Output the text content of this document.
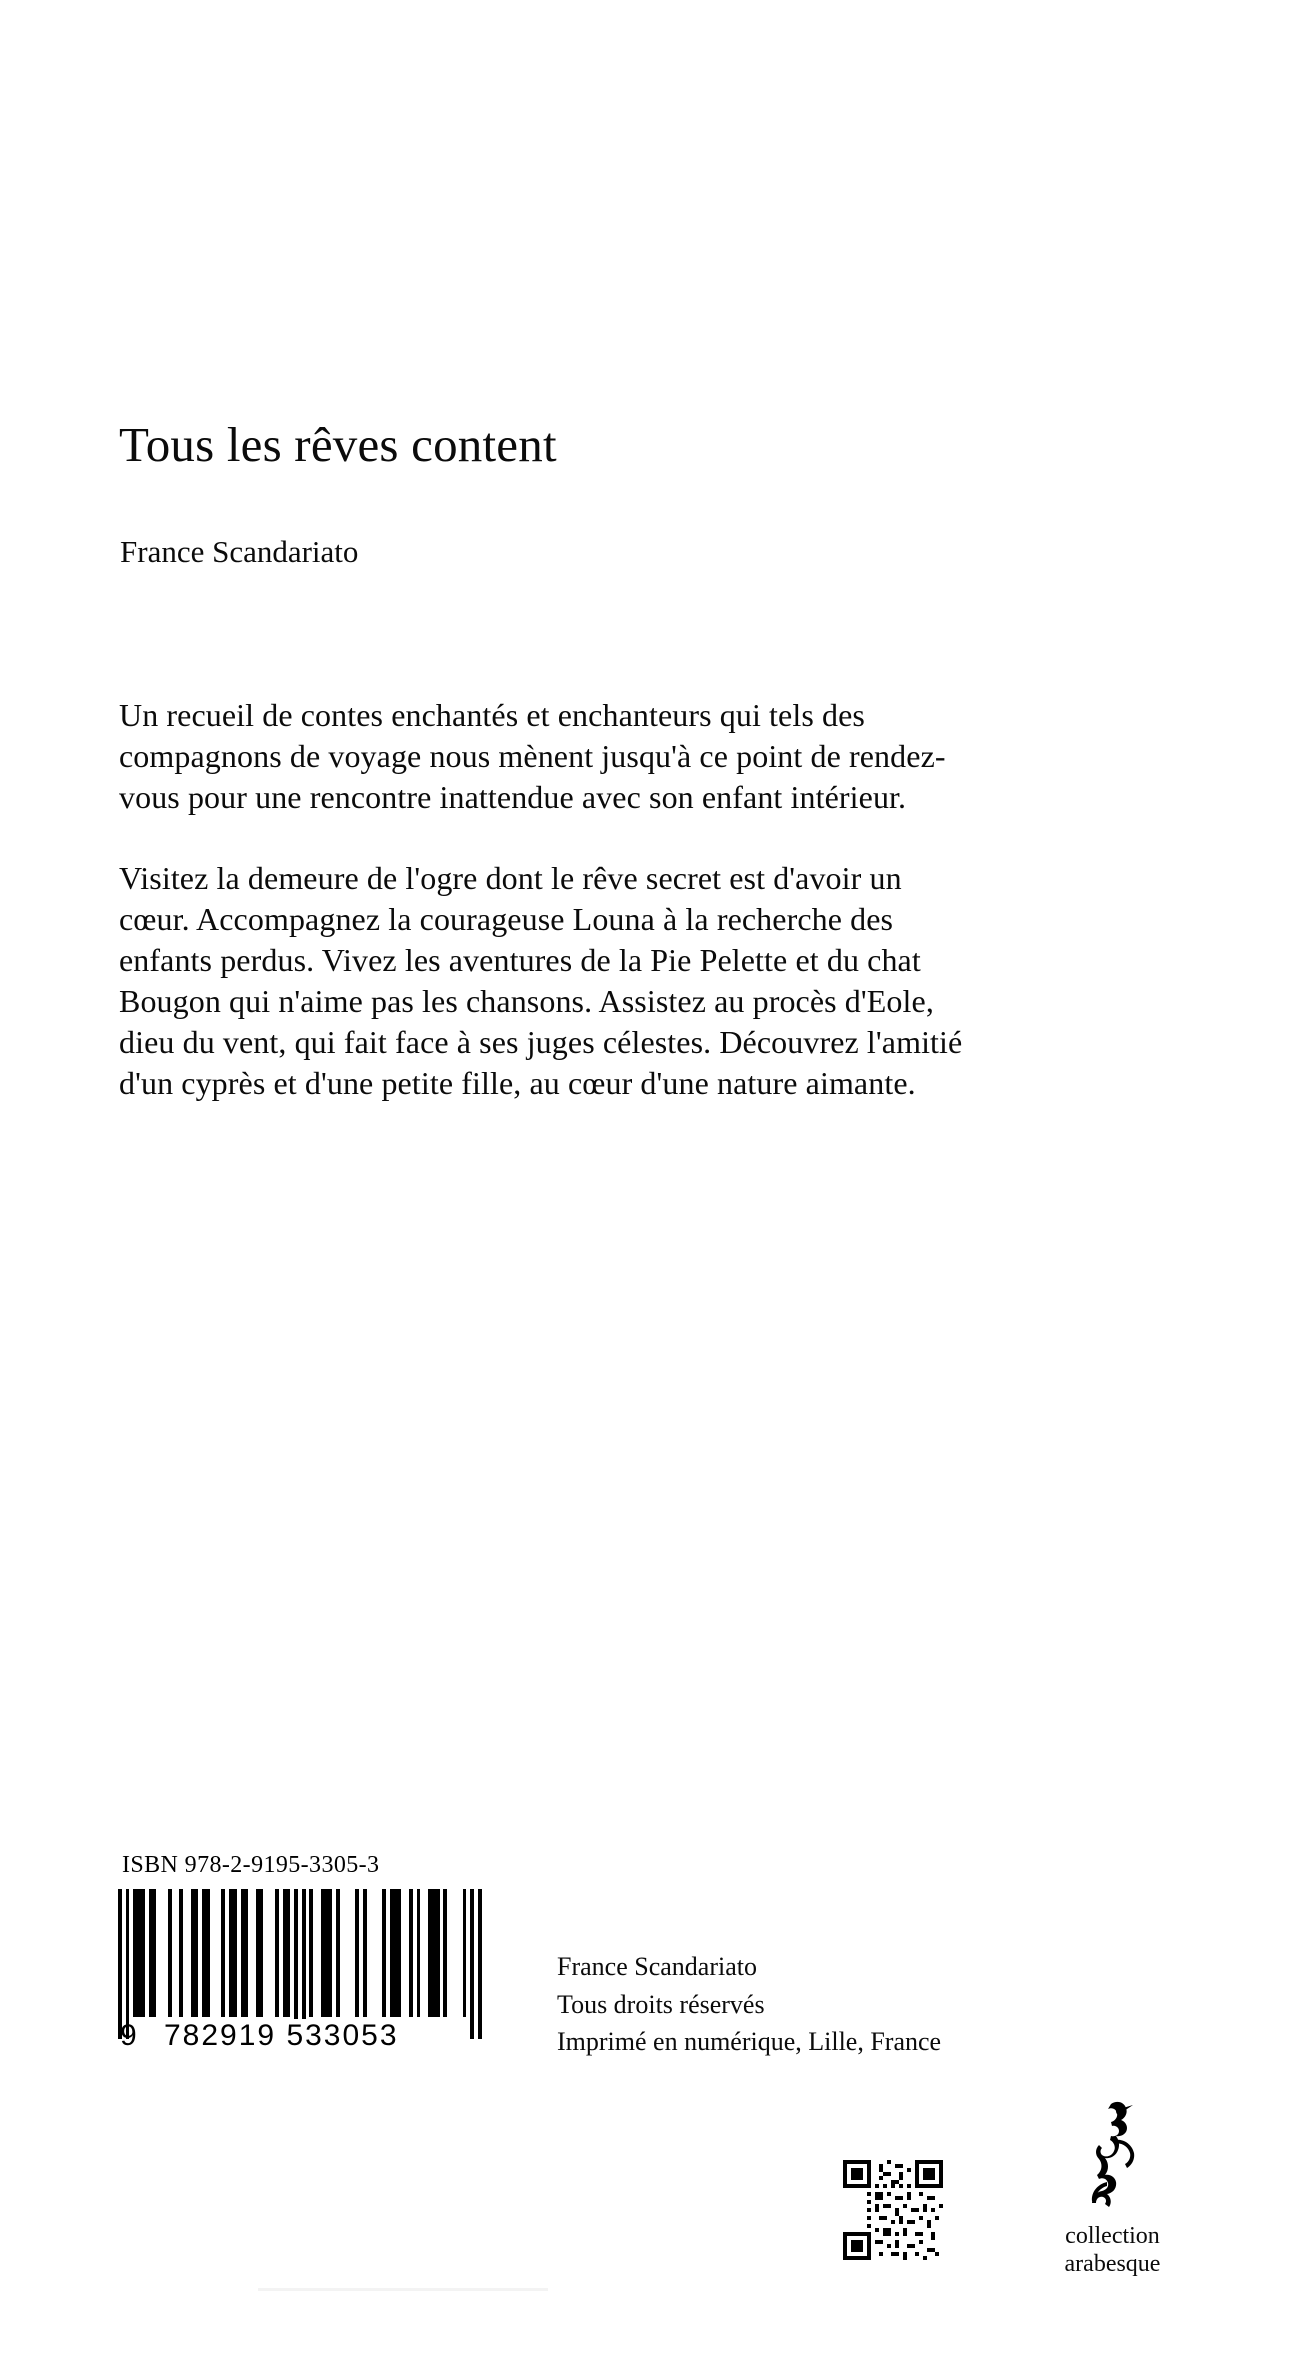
Tous les rêves content
France Scandariato

Un recueil de contes enchantés et enchanteurs qui tels des compagnons de voyage nous mènent jusqu'à ce point de rendez-vous pour une rencontre inattendue avec son enfant intérieur.

Visitez la demeure de l'ogre dont le rêve secret est d'avoir un cœur. Accompagnez la courageuse Louna à la recherche des enfants perdus. Vivez les aventures de la Pie Pelette et du chat Bougon qui n'aime pas les chansons. Assistez au procès d'Eole, dieu du vent, qui fait face à ses juges célestes. Découvrez l'amitié d'un cyprès et d'une petite fille, au cœur d'une nature aimante.

ISBN 978-2-9195-3305-3
9 782919 533053
France Scandariato
Tous droits réservés
Imprimé en numérique, Lille, France
collection
arabesque
